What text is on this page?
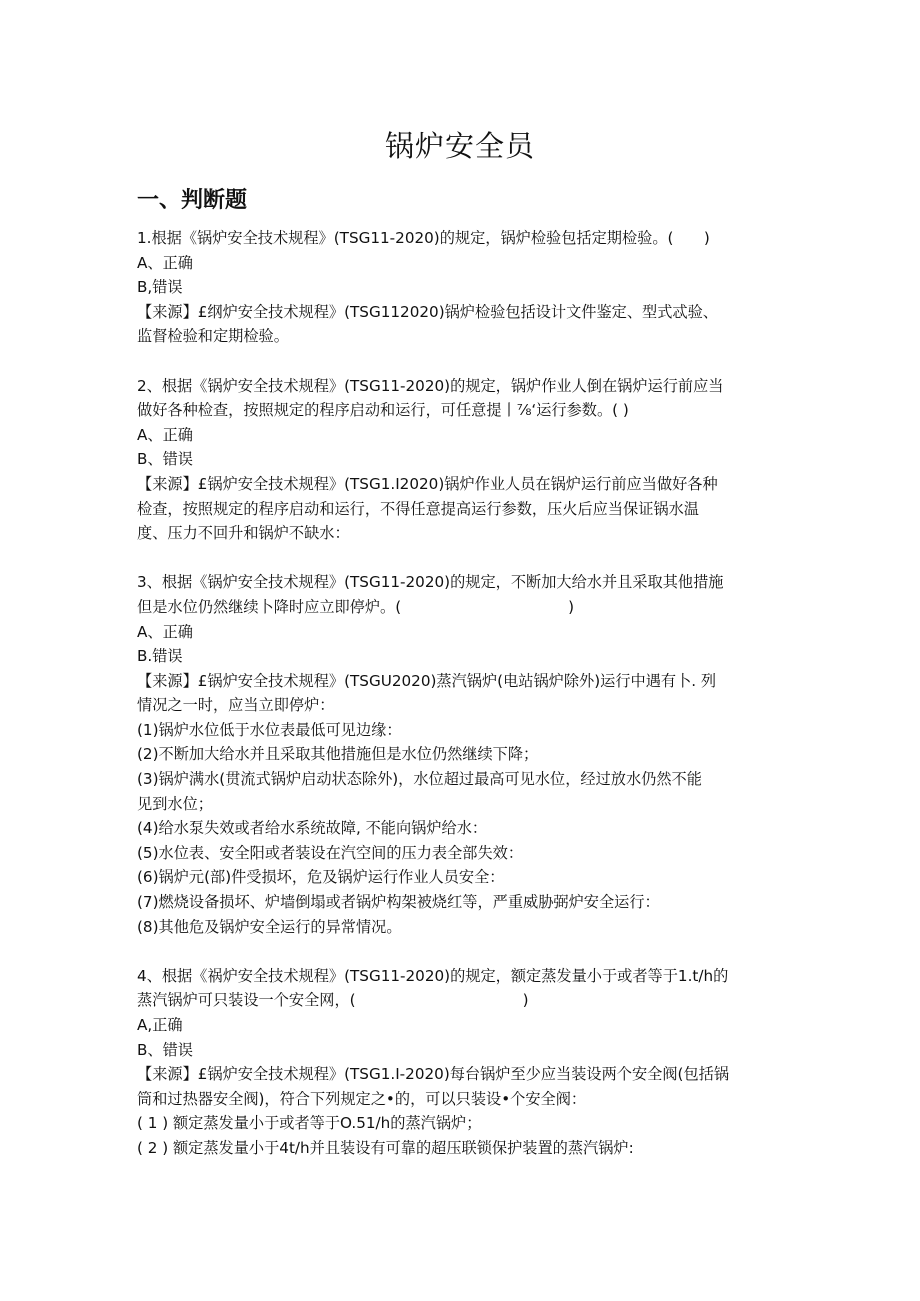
锅炉安全员
一、判断题
1.根据《锅炉安全技术规程》(TSG11-2020)的规定，锅炉检验包括定期检验。(　　)
A、正确
B,错误
【来源】£纲炉安全技术规程》(TSG112020)锅炉检验包括设计文件鉴定、型式忒验、
监督检验和定期检验。
2、根据《锅炉安全技术规程》(TSG11-2020)的规定，锅炉作业人倒在锅炉运行前应当
做好各种检查，按照规定的程序启动和运行，可任意提丨⅞‘运行参数。( )
A、正确
B、错误
【来源】£锅炉安全技术规程》(TSG1.I2020)锅炉作业人员在锅炉运行前应当做好各种
检查，按照规定的程序启动和运行，不得任意提高运行参数，压火后应当保证锅水温
度、压力不回升和锅炉不缺水：
3、根据《锅炉安全技术规程》(TSG11-2020)的规定，不断加大给水并且采取其他措施
但是水位仍然继续卜降时应立即停炉。(　　　　　　　　　　　)
A、正确
B.错误
【来源】£锅炉安全技术规程》(TSGU2020)蒸汽锅炉(电站锅炉除外)运行中遇有卜. 列
情况之一时，应当立即停炉：
(1)锅炉水位低于水位表最低可见边缘：
(2)不断加大给水并且采取其他措施但是水位仍然继续下降；
(3)锅炉满水(贯流式锅炉启动状态除外)，水位超过最高可见水位，经过放水仍然不能
见到水位；
(4)给水泵失效或者给水系统故障, 不能向锅炉给水：
(5)水位表、安全阳或者装设在汽空间的压力表全部失效：
(6)锅炉元(部)件受损坏，危及锅炉运行作业人员安全：
(7)燃烧设备损坏、炉墙倒塌或者锅炉构架被烧红等，严重威胁弼炉安全运行：
(8)其他危及锅炉安全运行的异常情况。
4、根据《祸炉安全技术规程》(TSG11-2020)的规定，额定蒸发量小于或者等于1.t∕h的
蒸汽锅炉可只装设一个安全网，(　　　　　　　　　　　)
A,正确
B、错误
【来源】£锅炉安全技术规程》(TSG1.I-2020)每台锅炉至少应当装设两个安全阀(包括锅
筒和过热器安全阀)，符合下列规定之•的，可以只装设•个安全阀：
( 1 ) 额定蒸发量小于或者等于O.51∕h的蒸汽锅炉；
( 2 ) 额定蒸发量小于4t∕h并且装设有可靠的超压联锁保护装置的蒸汽锅炉:
